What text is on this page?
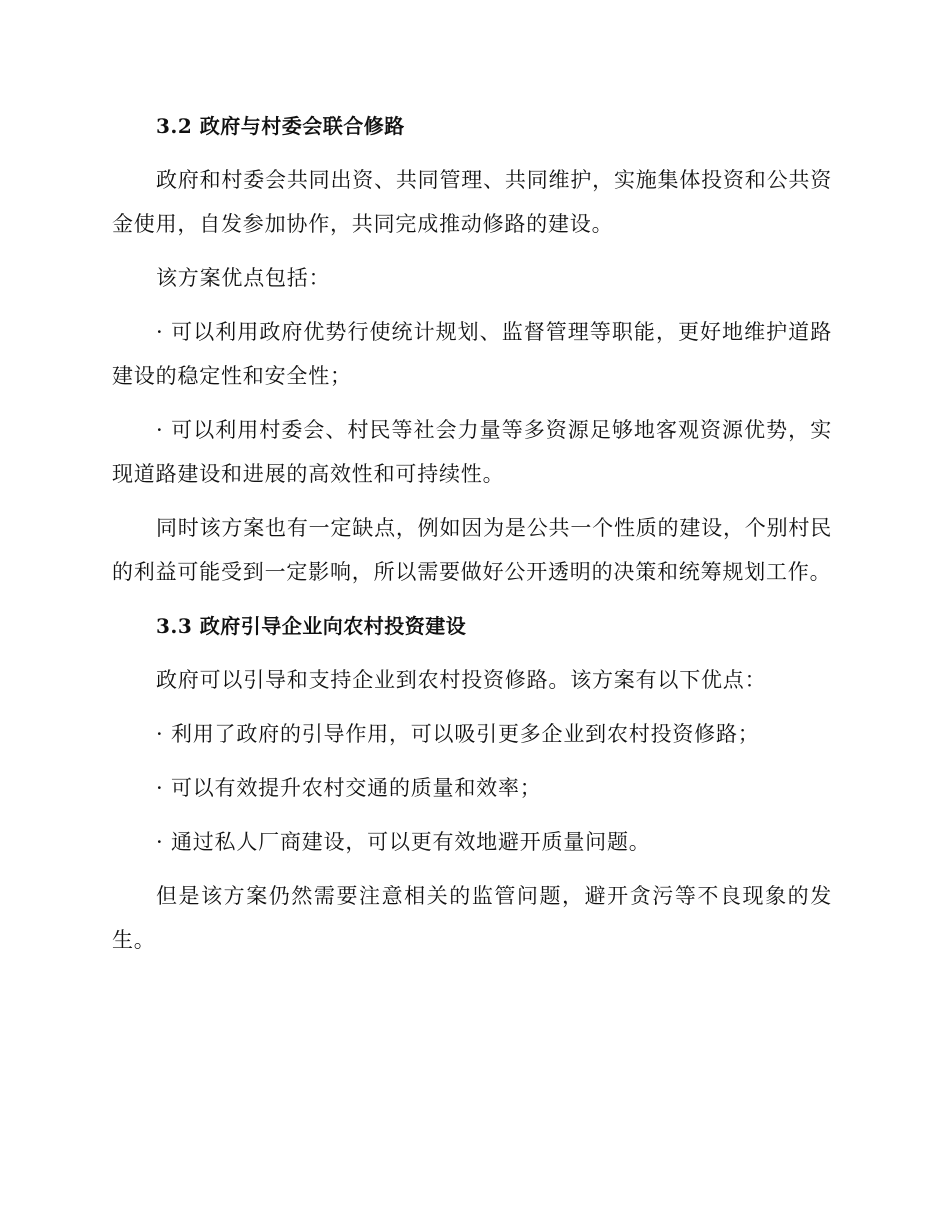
3.2 政府与村委会联合修路

政府和村委会共同出资、共同管理、共同维护，实施集体投资和公共资金使用，自发参加协作，共同完成推动修路的建设。

该方案优点包括：

· 可以利用政府优势行使统计规划、监督管理等职能，更好地维护道路建设的稳定性和安全性；

· 可以利用村委会、村民等社会力量等多资源足够地客观资源优势，实现道路建设和进展的高效性和可持续性。

同时该方案也有一定缺点，例如因为是公共一个性质的建设，个别村民的利益可能受到一定影响，所以需要做好公开透明的决策和统筹规划工作。

3.3 政府引导企业向农村投资建设

政府可以引导和支持企业到农村投资修路。该方案有以下优点：

· 利用了政府的引导作用，可以吸引更多企业到农村投资修路；

· 可以有效提升农村交通的质量和效率；

· 通过私人厂商建设，可以更有效地避开质量问题。

但是该方案仍然需要注意相关的监管问题，避开贪污等不良现象的发生。
